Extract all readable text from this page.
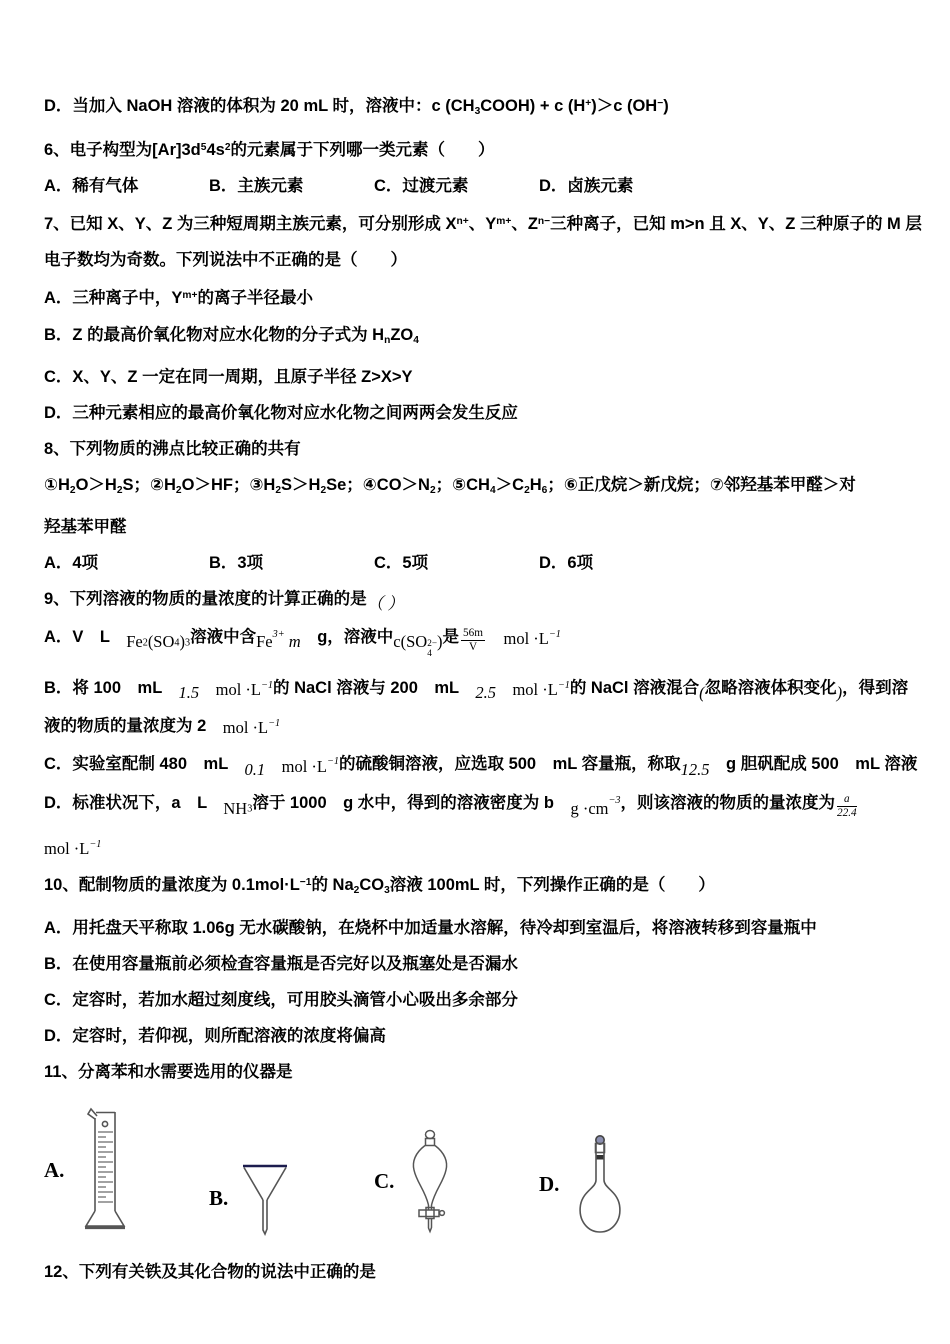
D．当加入 NaOH 溶液的体积为 20 mL 时，溶液中：c $(CH_3COOH) + c$ (H+)＞c (OH−)
6、电子构型为$[Ar]3d^54s^2$的元素属于下列哪一类元素（　　）
A．稀有气体	B．主族元素	C．过渡元素	D．卤族元素
7、已知 X、Y、Z 为三种短周期主族元素，可分别形成 $X^{n+}$、$Y^{m+}$、$Z^{n-}$三种离子，已知 m>n 且 X、Y、Z 三种原子的 M 层
电子数均为奇数。下列说法中不正确的是（　　）
A．三种离子中，$Y^{m+}$的离子半径最小
B．Z 的最高价氧化物对应水化物的分子式为 $H_nZO_4$
C．X、Y、Z 一定在同一周期，且原子半径 Z>X>Y
D．三种元素相应的最高价氧化物对应水化物之间两两会发生反应
8、下列物质的沸点比较正确的共有
$①H_2O>H_2S$；$②H_2O>HF$；$③H_2S>H_2Se$；$④CO>N_2$；$⑤CH_4>C_2H_6$；⑥正戊烷＞新戊烷；⑦邻羟基苯甲醛＞对
羟基苯甲醛
A．4项	B．3项	C．5项	D．6项
9、下列溶液的物质的量浓度的计算正确的是（ ）
A．V　L　$Fe_2(SO_4)_3$溶液中含$Fe^{3+}$ m　g，溶液中c(SO 2−
4
)是 $\frac{56m}{V}$ 　mol $\cdot L^{-1}$
B．将 100　mL　1.5　mol $\cdot L^{-1}$的 NaCl 溶液与 200　mL　2.5　mol $\cdot L^{-1}$的 NaCl 溶液混合(忽略溶液体积变化)，得到溶
液的物质的量浓度为 2　mol $\cdot L^{-1}$
C．实验室配制 480　mL　0.1　mol $\cdot L^{-1}$的硫酸铜溶液，应选取 500　mL 容量瓶，称取12.5　g 胆矾配成 500　mL 溶液
D．标准状况下，a　L　$NH_3$溶于 1000　g 水中，得到的溶液密度为 b　$g \cdot cm^{-3}$，则该溶液的物质的量浓度为 $\frac{a}{22.4}$
mol $\cdot L^{-1}$
10、配制物质的量浓度为 $0.1mol\cdot L^{-1}$的 $Na_2CO_3$溶液 100mL 时，下列操作正确的是（　　）
A．用托盘天平称取 1.06g 无水碳酸钠，在烧杯中加适量水溶解，待冷却到室温后，将溶液转移到容量瓶中
B．在使用容量瓶前必须检查容量瓶是否完好以及瓶塞处是否漏水
C．定容时，若加水超过刻度线，可用胶头滴管小心吸出多余部分
D．定容时，若仰视，则所配溶液的浓度将偏高
11、分离苯和水需要选用的仪器是
A.
B.
C.	D.
12、下列有关铁及其化合物的说法中正确的是
